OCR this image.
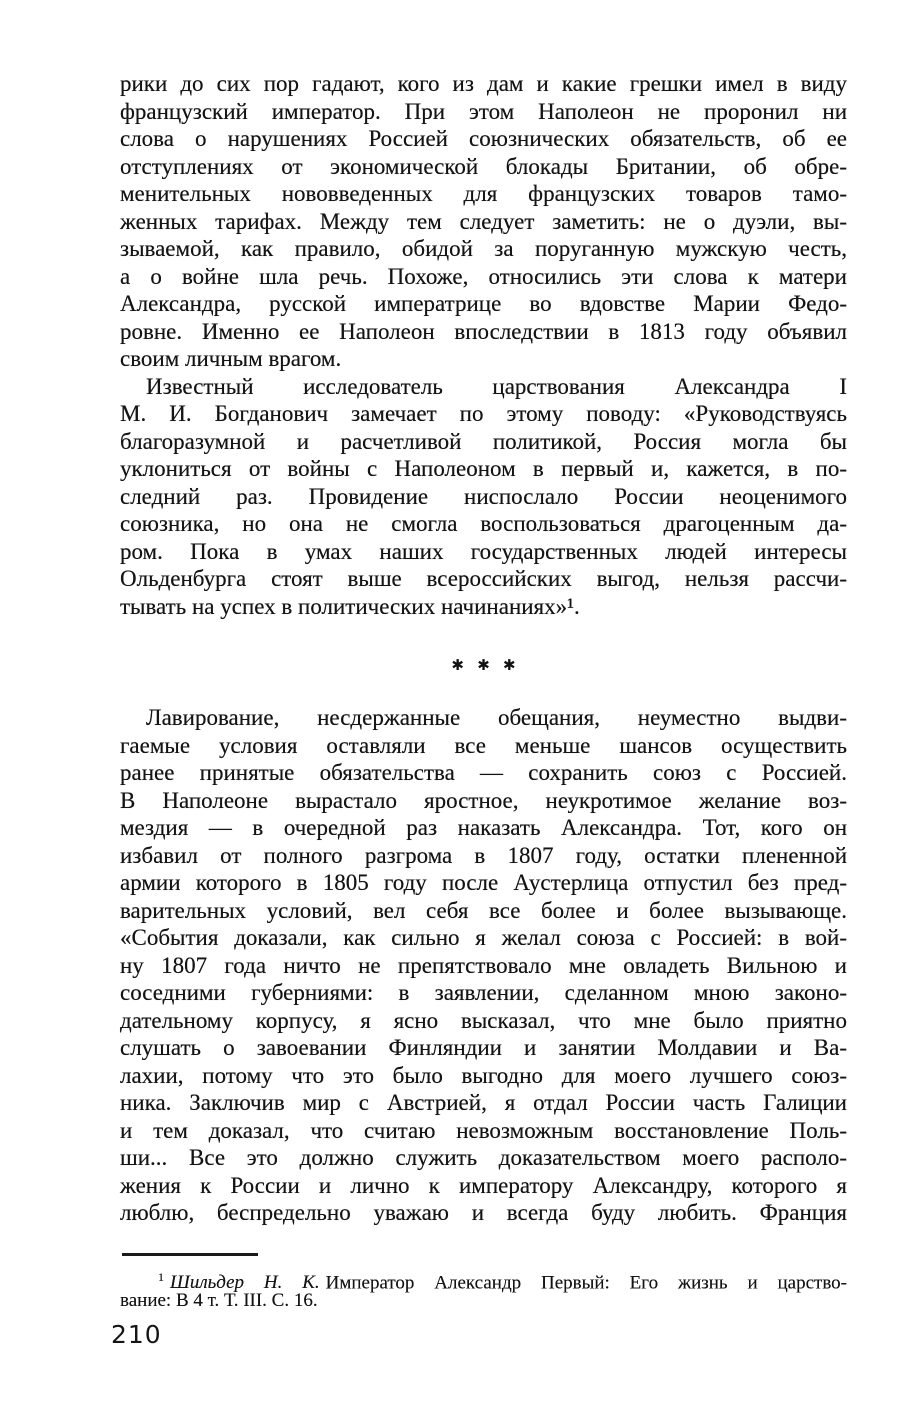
рики до сих пор гадают, кого из дам и какие грешки имел в виду
французский император. При этом Наполеон не проронил ни
слова о нарушениях Россией союзнических обязательств, об ее
отступлениях от экономической блокады Британии, об обре-
менительных нововведенных для французских товаров тамо-
женных тарифах. Между тем следует заметить: не о дуэли, вы-
зываемой, как правило, обидой за поруганную мужскую честь,
а о войне шла речь. Похоже, относились эти слова к матери
Александра, русской императрице во вдовстве Марии Федо-
ровне. Именно ее Наполеон впоследствии в 1813 году объявил
своим личным врагом.
Известный исследователь царствования Александра I
М. И. Богданович замечает по этому поводу: «Руководствуясь
благоразумной и расчетливой политикой, Россия могла бы
уклониться от войны с Наполеоном в первый и, кажется, в по-
следний раз. Провидение ниспослало России неоценимого
союзника, но она не смогла воспользоваться драгоценным да-
ром. Пока в умах наших государственных людей интересы
Ольденбурга стоят выше всероссийских выгод, нельзя рассчи-
тывать на успех в политических начинаниях»¹.
✱ ✱ ✱
Лавирование, несдержанные обещания, неуместно выдви-
гаемые условия оставляли все меньше шансов осуществить
ранее принятые обязательства — сохранить союз с Россией.
В Наполеоне вырастало яростное, неукротимое желание воз-
мездия — в очередной раз наказать Александра. Тот, кого он
избавил от полного разгрома в 1807 году, остатки плененной
армии которого в 1805 году после Аустерлица отпустил без пред-
варительных условий, вел себя все более и более вызывающе.
«События доказали, как сильно я желал союза с Россией: в вой-
ну 1807 года ничто не препятствовало мне овладеть Вильною и
соседними губерниями: в заявлении, сделанном мною законо-
дательному корпусу, я ясно высказал, что мне было приятно
слушать о завоевании Финляндии и занятии Молдавии и Ва-
лахии, потому что это было выгодно для моего лучшего союз-
ника. Заключив мир с Австрией, я отдал России часть Галиции
и тем доказал, что считаю невозможным восстановление Поль-
ши... Все это должно служить доказательством моего располо-
жения к России и лично к императору Александру, которого я
люблю, беспредельно уважаю и всегда буду любить. Франция
$^1$ Шильдер Н. К. Император Александр Первый: Его жизнь и царство-
вание: В 4 т. Т. III. С. 16.
210
